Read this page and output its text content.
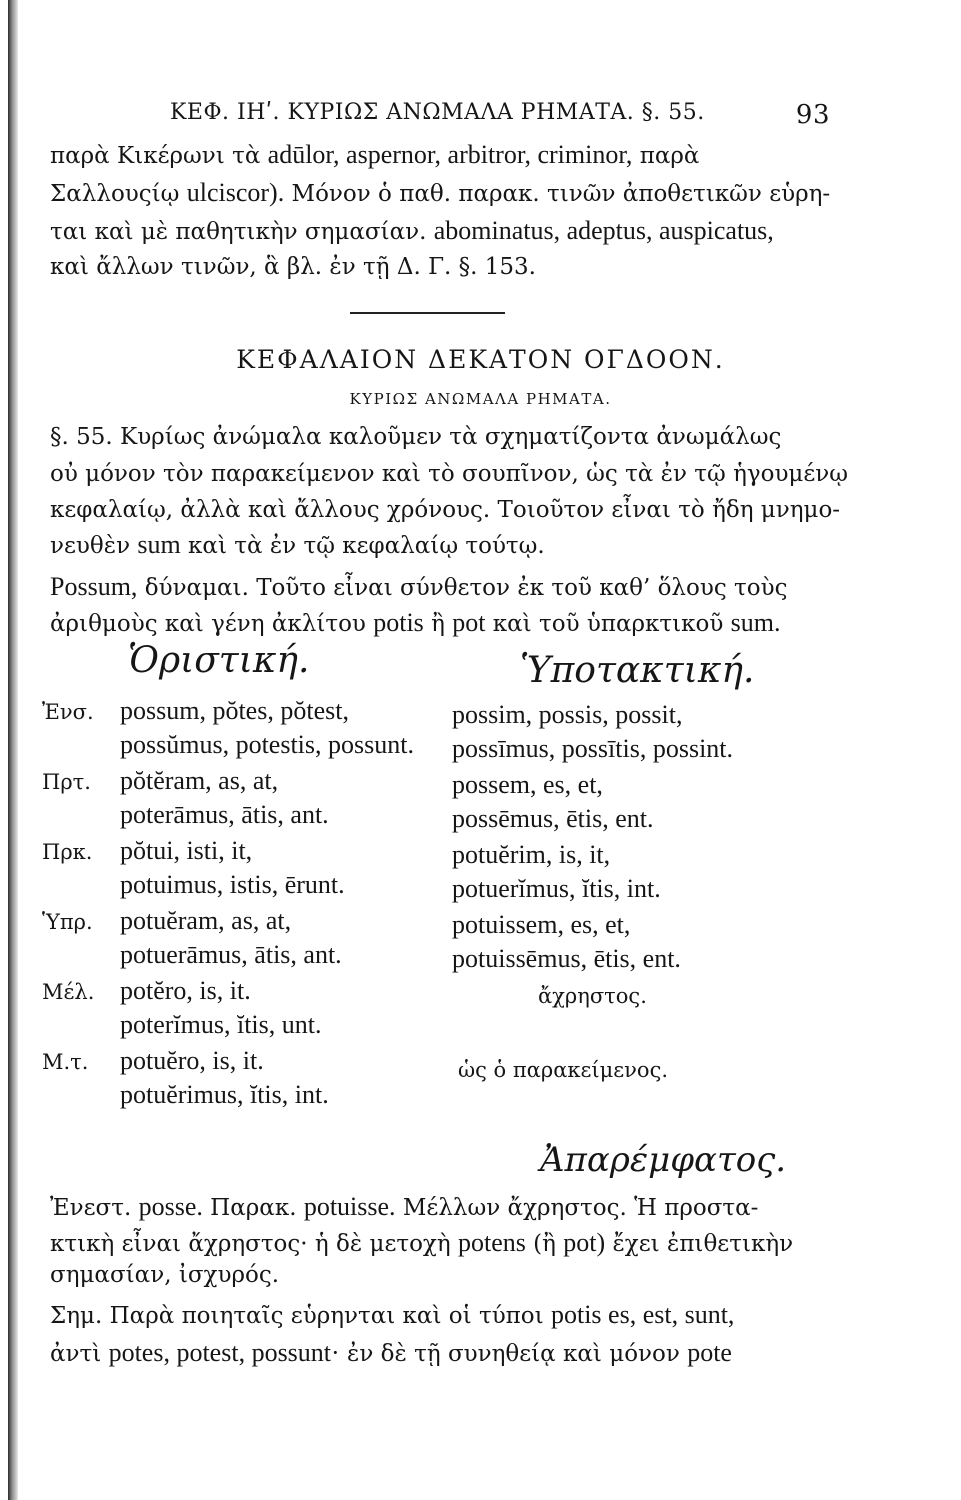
ΚΕΦ. ΙΗʹ. ΚΥΡΙΩΣ ΑΝΩΜΑΛΑ ΡΗΜΑΤΑ. §. 55.	93
παρὰ Κικέρωνι τὰ adūlor, aspernor, arbitror, criminor, παρὰ
Σαλλουςίῳ ulciscor). Μόνον ὁ παθ. παρακ. τινῶν ἀποθετικῶν εὑρη-
ται καὶ μὲ παθητικὴν σημασίαν. abominatus, adeptus, auspicatus,
καὶ ἄλλων τινῶν, ἃ βλ. ἐν τῇ Δ. Γ. §. 153.
ΚΕΦΑΛΑΙΟΝ ΔΕΚΑΤΟΝ ΟΓΔΟΟΝ.
ΚΥΡΙΩΣ ΑΝΩΜΑΛΑ ΡΗΜΑΤΑ.
§. 55. Κυρίως ἀνώμαλα καλοῦμεν τὰ σχηματίζοντα ἀνωμάλως
οὐ μόνον τὸν παρακείμενον καὶ τὸ σουπῖνον, ὡς τὰ ἐν τῷ ἡγουμένῳ
κεφαλαίῳ, ἀλλὰ καὶ ἄλλους χρόνους. Τοιοῦτον εἶναι τὸ ἤδη μνημο-
νευθὲν sum καὶ τὰ ἐν τῷ κεφαλαίῳ τούτῳ.
Possum, δύναμαι. Τοῦτο εἶναι σύνθετον ἐκ τοῦ καθ’ ὅλους τοὺς
ἀριθμοὺς καὶ γένη ἀκλίτου potis ἢ pot καὶ τοῦ ὑπαρκτικοῦ sum.
Ὁριστική.	Ὑποτακτική.
Ἐνσ.
Πρτ.
Πρκ.
Ὑπρ.
Μέλ.
Μ.τ.
possum, pŏtes, pŏtest,
possŭmus, potestis, possunt.
pŏtĕram, as, at,
poterāmus, ātis, ant.
pŏtui, isti, it,
potuimus, istis, ērunt.
potuĕram, as, at,
potuerāmus, ātis, ant.
potĕro, is, it.
poterĭmus, ĭtis, unt.
potuĕro, is, it.
potuĕrimus, ĭtis, int.
possim, possis, possit,
possīmus, possītis, possint.
possem, es, et,
possēmus, ētis, ent.
potuĕrim, is, it,
potuerĭmus, ĭtis, int.
potuissem, es, et,
potuissēmus, ētis, ent.
ἄχρηστος.
ὡς ὁ παρακείμενος.
Ἀπαρέμφατος.
Ἐνεστ. posse. Παρακ. potuisse. Μέλλων ἄχρηστος. Ἡ προστα-
κτικὴ εἶναι ἄχρηστος· ἡ δὲ μετοχὴ potens (ἢ pot) ἔχει ἐπιθετικὴν
σημασίαν, ἰσχυρός.
Σημ. Παρὰ ποιηταῖς εὑρηνται καὶ οἱ τύποι potis es, est, sunt,
ἀντὶ potes, potest, possunt· ἐν δὲ τῇ συνηθείᾳ καὶ μόνον pote
